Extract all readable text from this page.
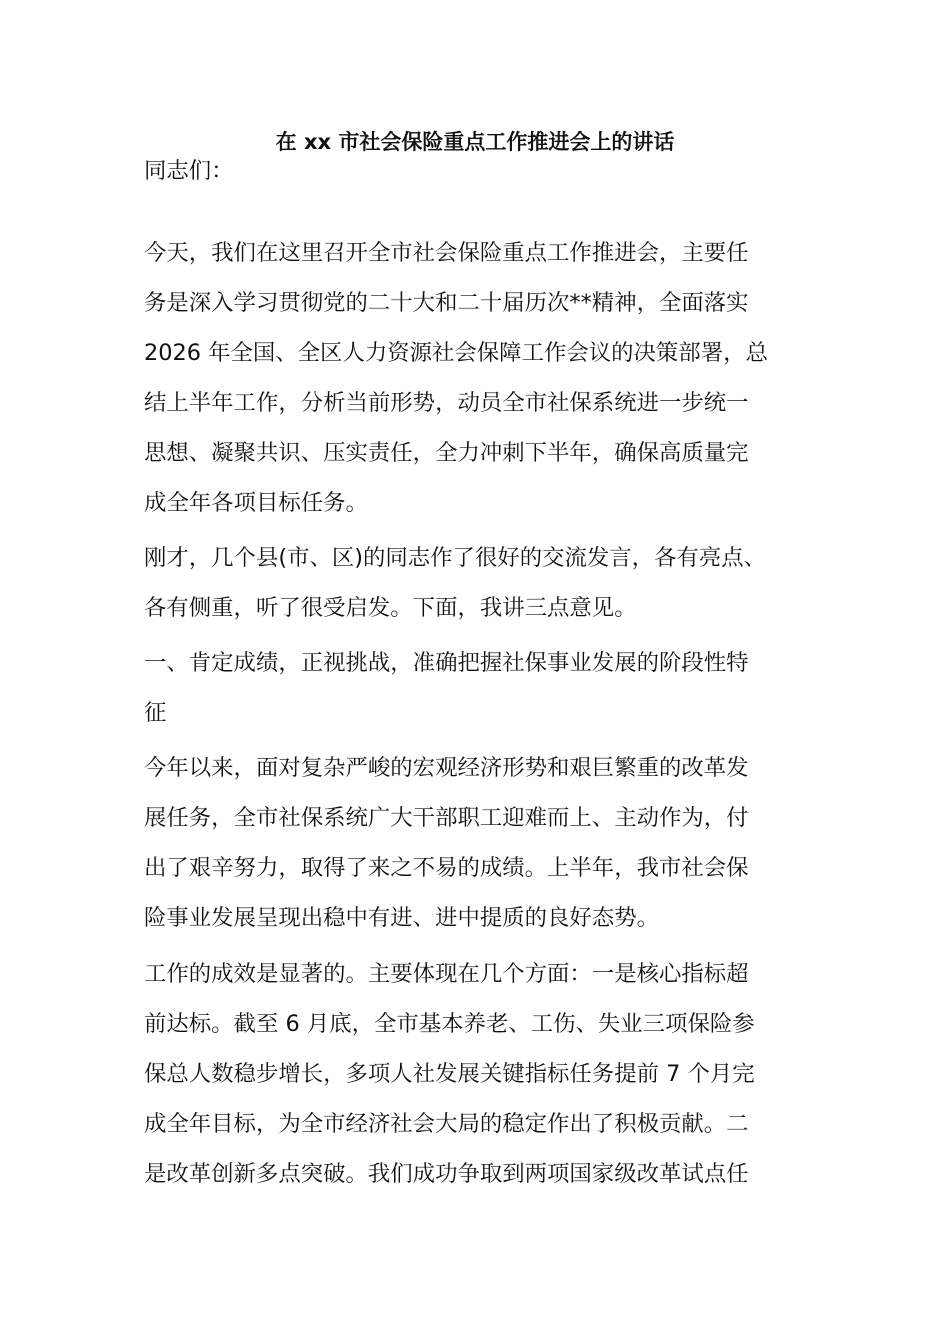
在 xx 市社会保险重点工作推进会上的讲话

同志们：

今天，我们在这里召开全市社会保险重点工作推进会，主要任

务是深入学习贯彻党的二十大和二十届历次**精神，全面落实

2026 年全国、全区人力资源社会保障工作会议的决策部署，总

结上半年工作，分析当前形势，动员全市社保系统进一步统一

思想、凝聚共识、压实责任，全力冲刺下半年，确保高质量完

成全年各项目标任务。

刚才，几个县(市、区)的同志作了很好的交流发言，各有亮点、

各有侧重，听了很受启发。下面，我讲三点意见。

一、肯定成绩，正视挑战，准确把握社保事业发展的阶段性特

征

今年以来，面对复杂严峻的宏观经济形势和艰巨繁重的改革发

展任务，全市社保系统广大干部职工迎难而上、主动作为，付

出了艰辛努力，取得了来之不易的成绩。上半年，我市社会保

险事业发展呈现出稳中有进、进中提质的良好态势。

工作的成效是显著的。主要体现在几个方面：一是核心指标超

前达标。截至 6 月底，全市基本养老、工伤、失业三项保险参

保总人数稳步增长，多项人社发展关键指标任务提前 7 个月完

成全年目标，为全市经济社会大局的稳定作出了积极贡献。二

是改革创新多点突破。我们成功争取到两项国家级改革试点任
